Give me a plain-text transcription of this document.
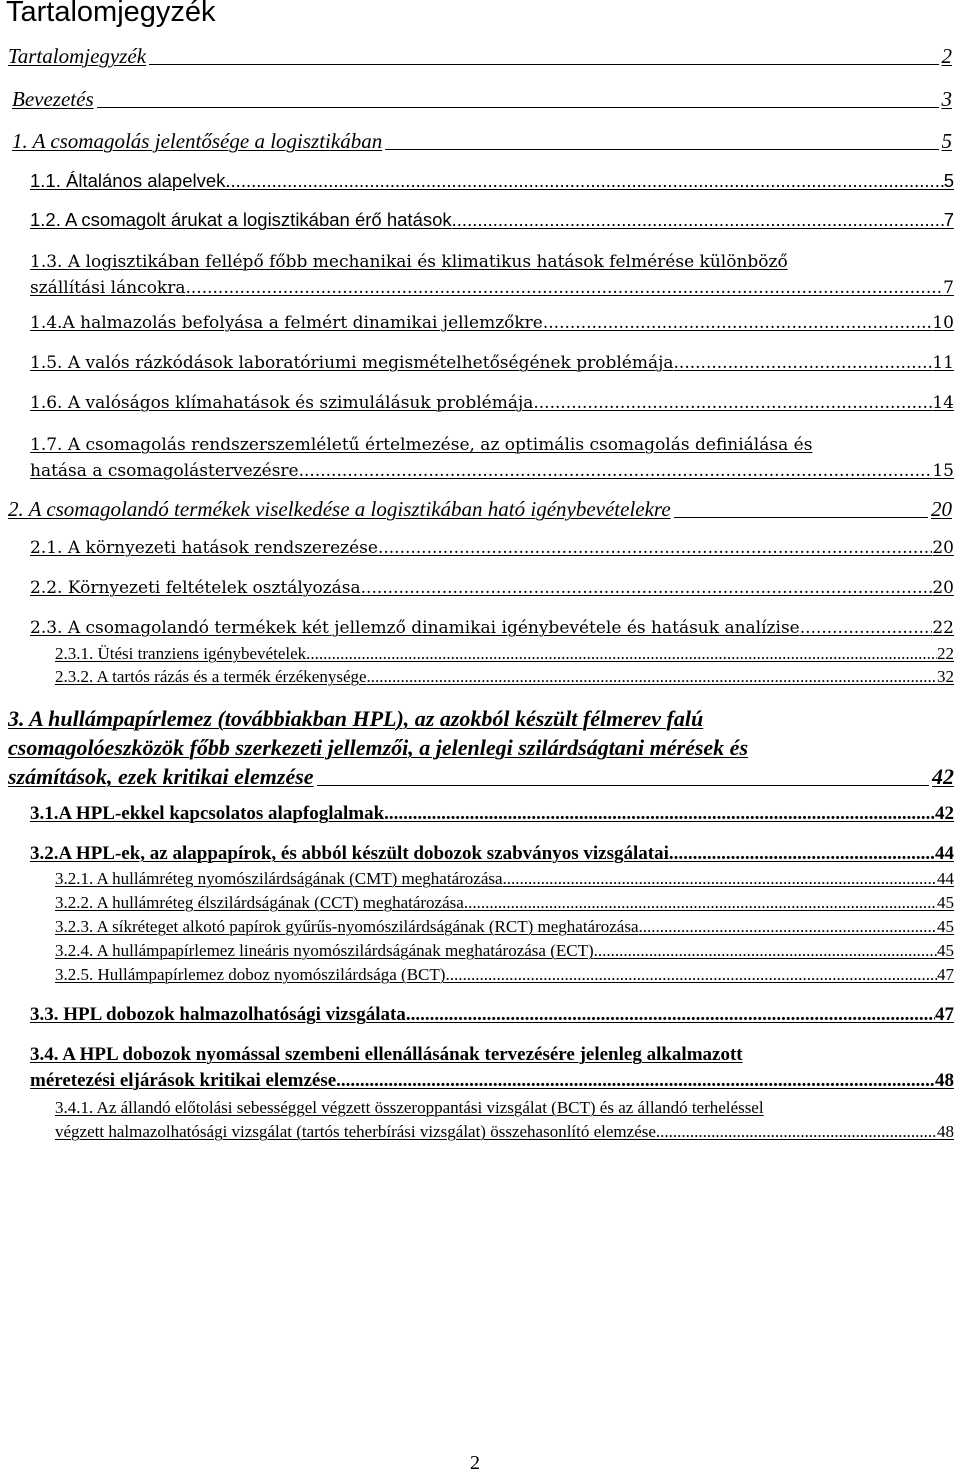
Tartalomjegyzék
Tartalomjegyzék	2
Bevezetés	3
1. A csomagolás jelentősége a logisztikában	5
1.1. Általános alapelvek .....	5
1.2. A csomagolt árukat a logisztikában érő hatások .....	7
1.3. A logisztikában fellépő főbb mechanikai és klimatikus hatások felmérése különböző
szállítási láncokra .....	7
1.4.A halmazolás befolyása a felmért dinamikai jellemzőkre .....	10
1.5. A valós rázkódások laboratóriumi megismételhetőségének problémája .....	11
1.6. A valóságos klímahatások és szimulálásuk problémája .....	14
1.7. A csomagolás rendszerszemléletű értelmezése, az optimális csomagolás definiálása és
hatása a csomagolástervezésre .....	15
2. A csomagolandó termékek viselkedése a logisztikában ható igénybevételekre	20
2.1. A környezeti hatások rendszerezése .....	20
2.2. Környezeti feltételek osztályozása .....	20
2.3. A csomagolandó termékek két jellemző dinamikai igénybevétele és hatásuk analízise .....	22
2.3.1. Ütési tranziens igénybevételek .....	22
2.3.2. A tartós rázás és a termék érzékenysége .....	32
3. A hullámpapírlemez (továbbiakban HPL), az azokból készült félmerev falú
csomagolóeszközök főbb szerkezeti jellemzői, a jelenlegi szilárdságtani mérések és
számítások, ezek kritikai elemzése	42
3.1.A HPL-ekkel kapcsolatos alapfoglalmak .....	42
3.2.A HPL-ek, az alappapírok, és abból készült dobozok szabványos vizsgálatai .....	44
3.2.1. A hullámréteg nyomószilárdságának (CMT) meghatározása .....	44
3.2.2. A hullámréteg élszilárdságának (CCT) meghatározása .....	45
3.2.3. A síkréteget alkotó papírok gyűrűs-nyomószilárdságának (RCT) meghatározása .....	45
3.2.4. A hullámpapírlemez lineáris nyomószilárdságának meghatározása (ECT) .....	45
3.2.5. Hullámpapírlemez doboz nyomószilárdsága (BCT) .....	47
3.3. HPL dobozok halmazolhatósági vizsgálata .....	47
3.4. A HPL dobozok nyomással szembeni ellenállásának tervezésére jelenleg alkalmazott
méretezési eljárások kritikai elemzése .....	48
3.4.1. Az állandó előtolási sebességgel végzett összeroppantási vizsgálat (BCT) és az állandó terheléssel
végzett halmazolhatósági vizsgálat (tartós teherbírási vizsgálat) összehasonlító elemzése .....	48
2
